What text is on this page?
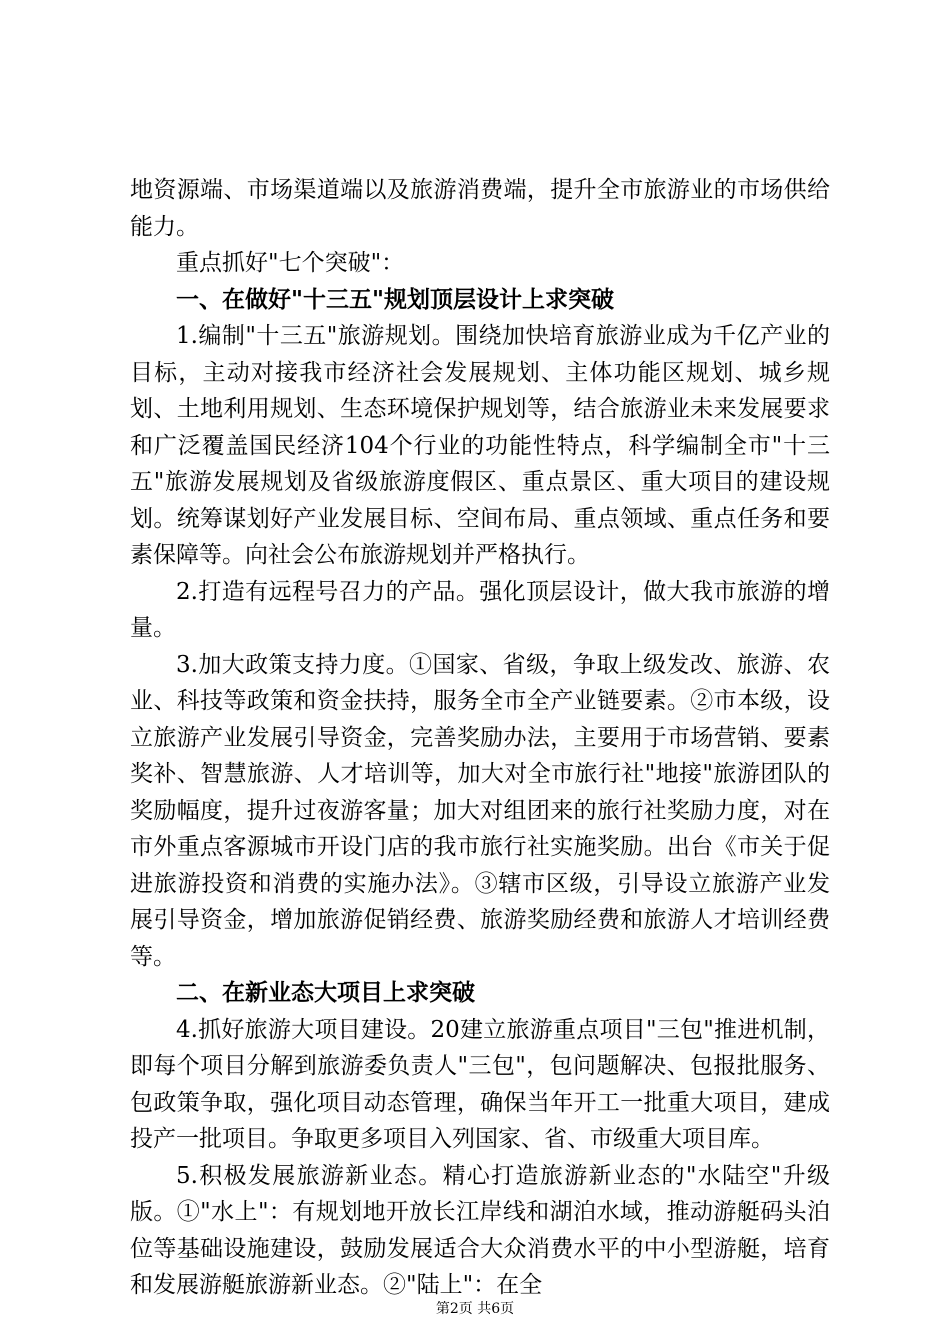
地资源端、市场渠道端以及旅游消费端，提升全市旅游业的市场供给能力。

重点抓好"七个突破"：

一、在做好"十三五"规划顶层设计上求突破

1.编制"十三五"旅游规划。围绕加快培育旅游业成为千亿产业的目标，主动对接我市经济社会发展规划、主体功能区规划、城乡规划、土地利用规划、生态环境保护规划等，结合旅游业未来发展要求和广泛覆盖国民经济104个行业的功能性特点，科学编制全市"十三五"旅游发展规划及省级旅游度假区、重点景区、重大项目的建设规划。统筹谋划好产业发展目标、空间布局、重点领域、重点任务和要素保障等。向社会公布旅游规划并严格执行。

2.打造有远程号召力的产品。强化顶层设计，做大我市旅游的增量。

3.加大政策支持力度。①国家、省级，争取上级发改、旅游、农业、科技等政策和资金扶持，服务全市全产业链要素。②市本级，设立旅游产业发展引导资金，完善奖励办法，主要用于市场营销、要素奖补、智慧旅游、人才培训等，加大对全市旅行社"地接"旅游团队的奖励幅度，提升过夜游客量；加大对组团来的旅行社奖励力度，对在市外重点客源城市开设门店的我市旅行社实施奖励。出台《市关于促进旅游投资和消费的实施办法》。③辖市区级，引导设立旅游产业发展引导资金，增加旅游促销经费、旅游奖励经费和旅游人才培训经费等。

二、在新业态大项目上求突破

4.抓好旅游大项目建设。20建立旅游重点项目"三包"推进机制，即每个项目分解到旅游委负责人"三包"，包问题解决、包报批服务、包政策争取，强化项目动态管理，确保当年开工一批重大项目，建成投产一批项目。争取更多项目入列国家、省、市级重大项目库。

5.积极发展旅游新业态。精心打造旅游新业态的"水陆空"升级版。①"水上"：有规划地开放长江岸线和湖泊水域，推动游艇码头泊位等基础设施建设，鼓励发展适合大众消费水平的中小型游艇，培育和发展游艇旅游新业态。②"陆上"：在全

第2页 共6页
